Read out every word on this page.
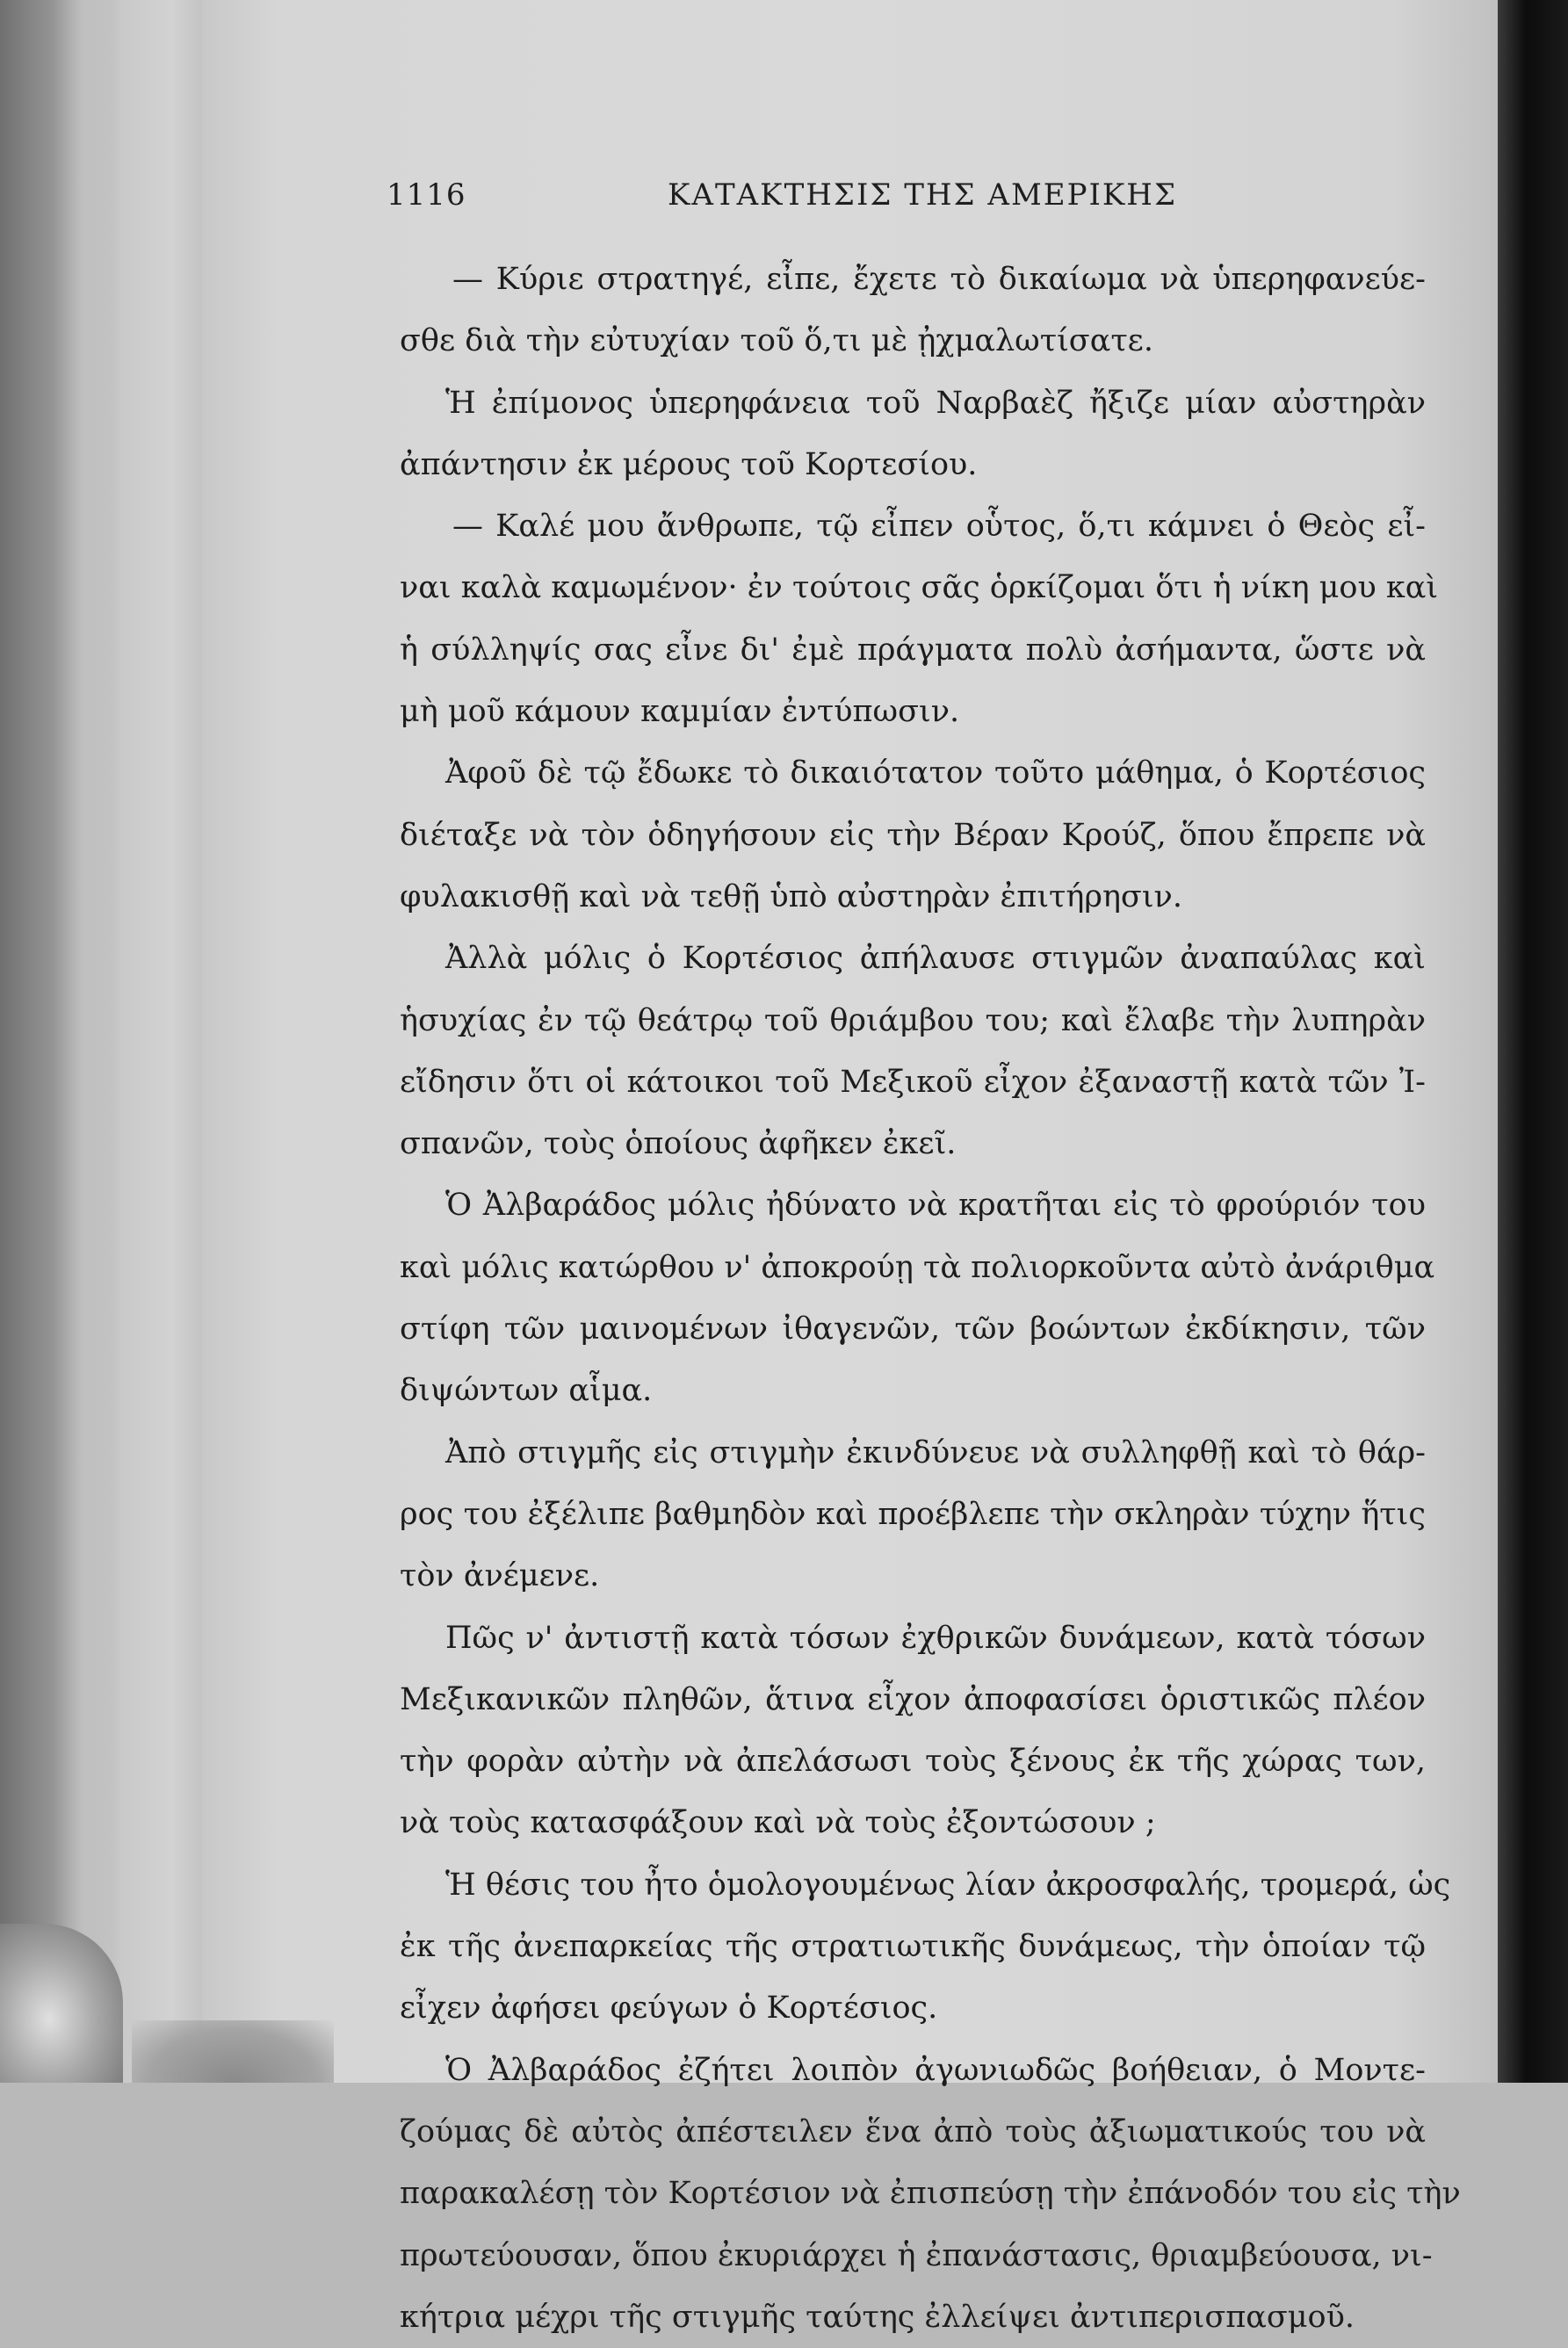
1116	ΚΑΤΑΚΤΗΣΙΣ ΤΗΣ ΑΜΕΡΙΚΗΣ
— Κύριε στρατηγέ, εἶπε, ἔχετε τὸ δικαίωμα νὰ ὑπερηφανεύε-
σθε διὰ τὴν εὐτυχίαν τοῦ ὅ,τι μὲ ᾐχμαλωτίσατε.
Ἡ ἐπίμονος ὑπερηφάνεια τοῦ Ναρβαὲζ ἤξιζε μίαν αὐστηρὰν
ἀπάντησιν ἐκ μέρους τοῦ Κορτεσίου.
— Καλέ μου ἄνθρωπε, τῷ εἶπεν οὗτος, ὅ,τι κάμνει ὁ Θεὸς εἶ-
ναι καλὰ καμωμένον· ἐν τούτοις σᾶς ὁρκίζομαι ὅτι ἡ νίκη μου καὶ
ἡ σύλληψίς σας εἶνε δι' ἐμὲ πράγματα πολὺ ἀσήμαντα, ὥστε νὰ
μὴ μοῦ κάμουν καμμίαν ἐντύπωσιν.
Ἀφοῦ δὲ τῷ ἔδωκε τὸ δικαιότατον τοῦτο μάθημα, ὁ Κορτέσιος
διέταξε νὰ τὸν ὁδηγήσουν εἰς τὴν Βέραν Κρούζ, ὅπου ἔπρεπε νὰ
φυλακισθῇ καὶ νὰ τεθῇ ὑπὸ αὐστηρὰν ἐπιτήρησιν.
Ἀλλὰ μόλις ὁ Κορτέσιος ἀπήλαυσε στιγμῶν ἀναπαύλας καὶ
ἡσυχίας ἐν τῷ θεάτρῳ τοῦ θριάμβου του; καὶ ἔλαβε τὴν λυπηρὰν
εἴδησιν ὅτι οἱ κάτοικοι τοῦ Μεξικοῦ εἶχον ἐξαναστῇ κατὰ τῶν Ἰ-
σπανῶν, τοὺς ὁποίους ἀφῆκεν ἐκεῖ.
Ὁ Ἀλβαράδος μόλις ἠδύνατο νὰ κρατῆται εἰς τὸ φρούριόν του
καὶ μόλις κατώρθου ν' ἀποκρούῃ τὰ πολιορκοῦντα αὐτὸ ἀνάριθμα
στίφη τῶν μαινομένων ἰθαγενῶν, τῶν βοώντων ἐκδίκησιν, τῶν
διψώντων αἷμα.
Ἀπὸ στιγμῆς εἰς στιγμὴν ἐκινδύνευε νὰ συλληφθῇ καὶ τὸ θάρ-
ρος του ἐξέλιπε βαθμηδὸν καὶ προέβλεπε τὴν σκληρὰν τύχην ἥτις
τὸν ἀνέμενε.
Πῶς ν' ἀντιστῇ κατὰ τόσων ἐχθρικῶν δυνάμεων, κατὰ τόσων
Μεξικανικῶν πληθῶν, ἅτινα εἶχον ἀποφασίσει ὁριστικῶς πλέον
τὴν φορὰν αὐτὴν νὰ ἀπελάσωσι τοὺς ξένους ἐκ τῆς χώρας των,
νὰ τοὺς κατασφάξουν καὶ νὰ τοὺς ἐξοντώσουν ;
Ἡ θέσις του ἦτο ὁμολογουμένως λίαν ἀκροσφαλής, τρομερά, ὡς
ἐκ τῆς ἀνεπαρκείας τῆς στρατιωτικῆς δυνάμεως, τὴν ὁποίαν τῷ
εἶχεν ἀφήσει φεύγων ὁ Κορτέσιος.
Ὁ Ἀλβαράδος ἐζήτει λοιπὸν ἀγωνιωδῶς βοήθειαν, ὁ Μοντε-
ζούμας δὲ αὐτὸς ἀπέστειλεν ἕνα ἀπὸ τοὺς ἀξιωματικούς του νὰ
παρακαλέσῃ τὸν Κορτέσιον νὰ ἐπισπεύσῃ τὴν ἐπάνοδόν του εἰς τὴν
πρωτεύουσαν, ὅπου ἐκυριάρχει ἡ ἐπανάστασις, θριαμβεύουσα, νι-
κήτρια μέχρι τῆς στιγμῆς ταύτης ἐλλείψει ἀντιπερισπασμοῦ.
